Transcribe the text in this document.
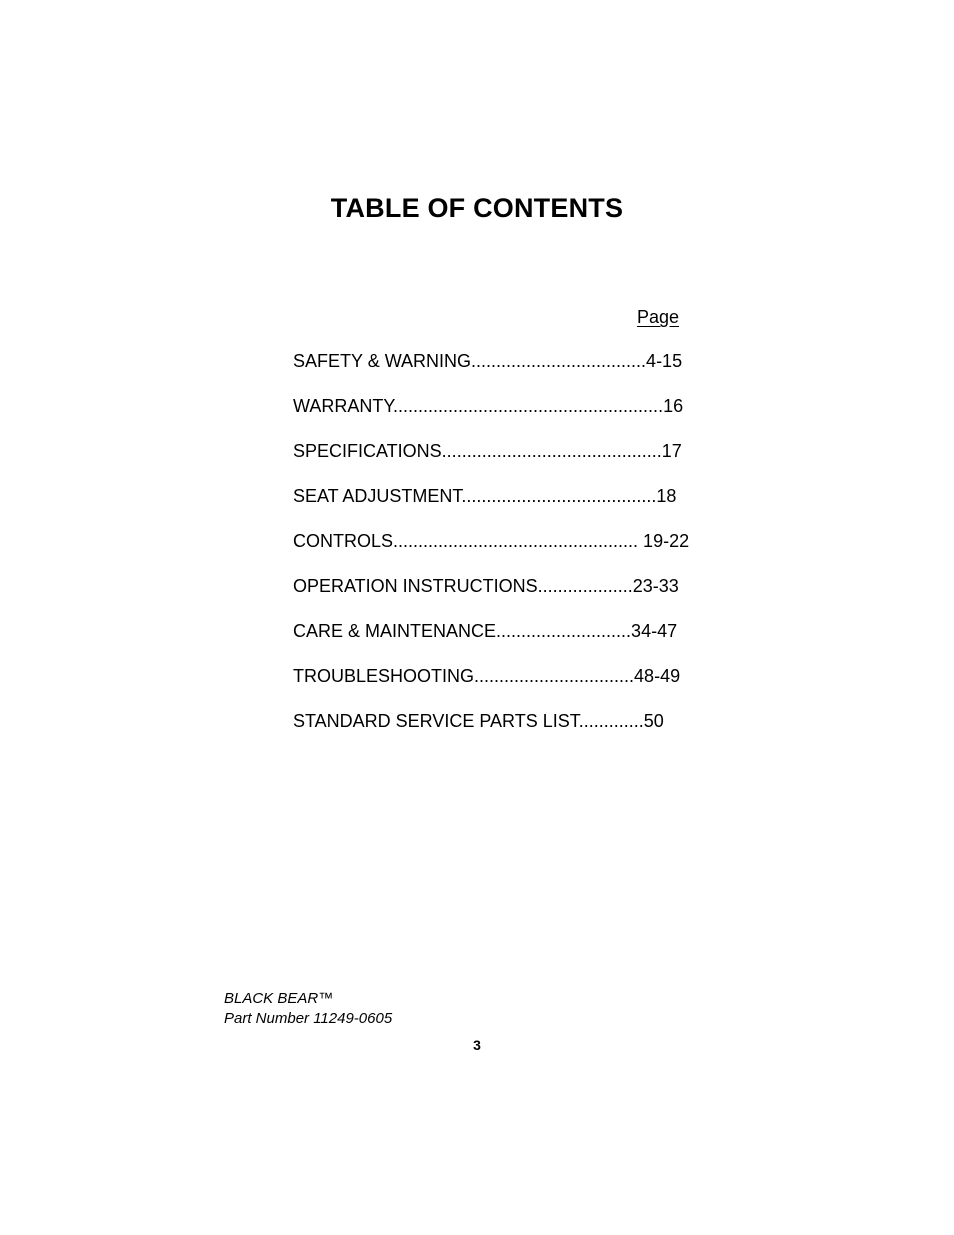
TABLE OF CONTENTS
Page
SAFETY & WARNING...................................4-15
WARRANTY......................................................16
SPECIFICATIONS............................................17
SEAT ADJUSTMENT.......................................18
CONTROLS................................................. 19-22
OPERATION INSTRUCTIONS...................23-33
CARE & MAINTENANCE...........................34-47
TROUBLESHOOTING................................48-49
STANDARD SERVICE PARTS LIST.............50
BLACK BEAR™
Part Number 11249-0605
3
